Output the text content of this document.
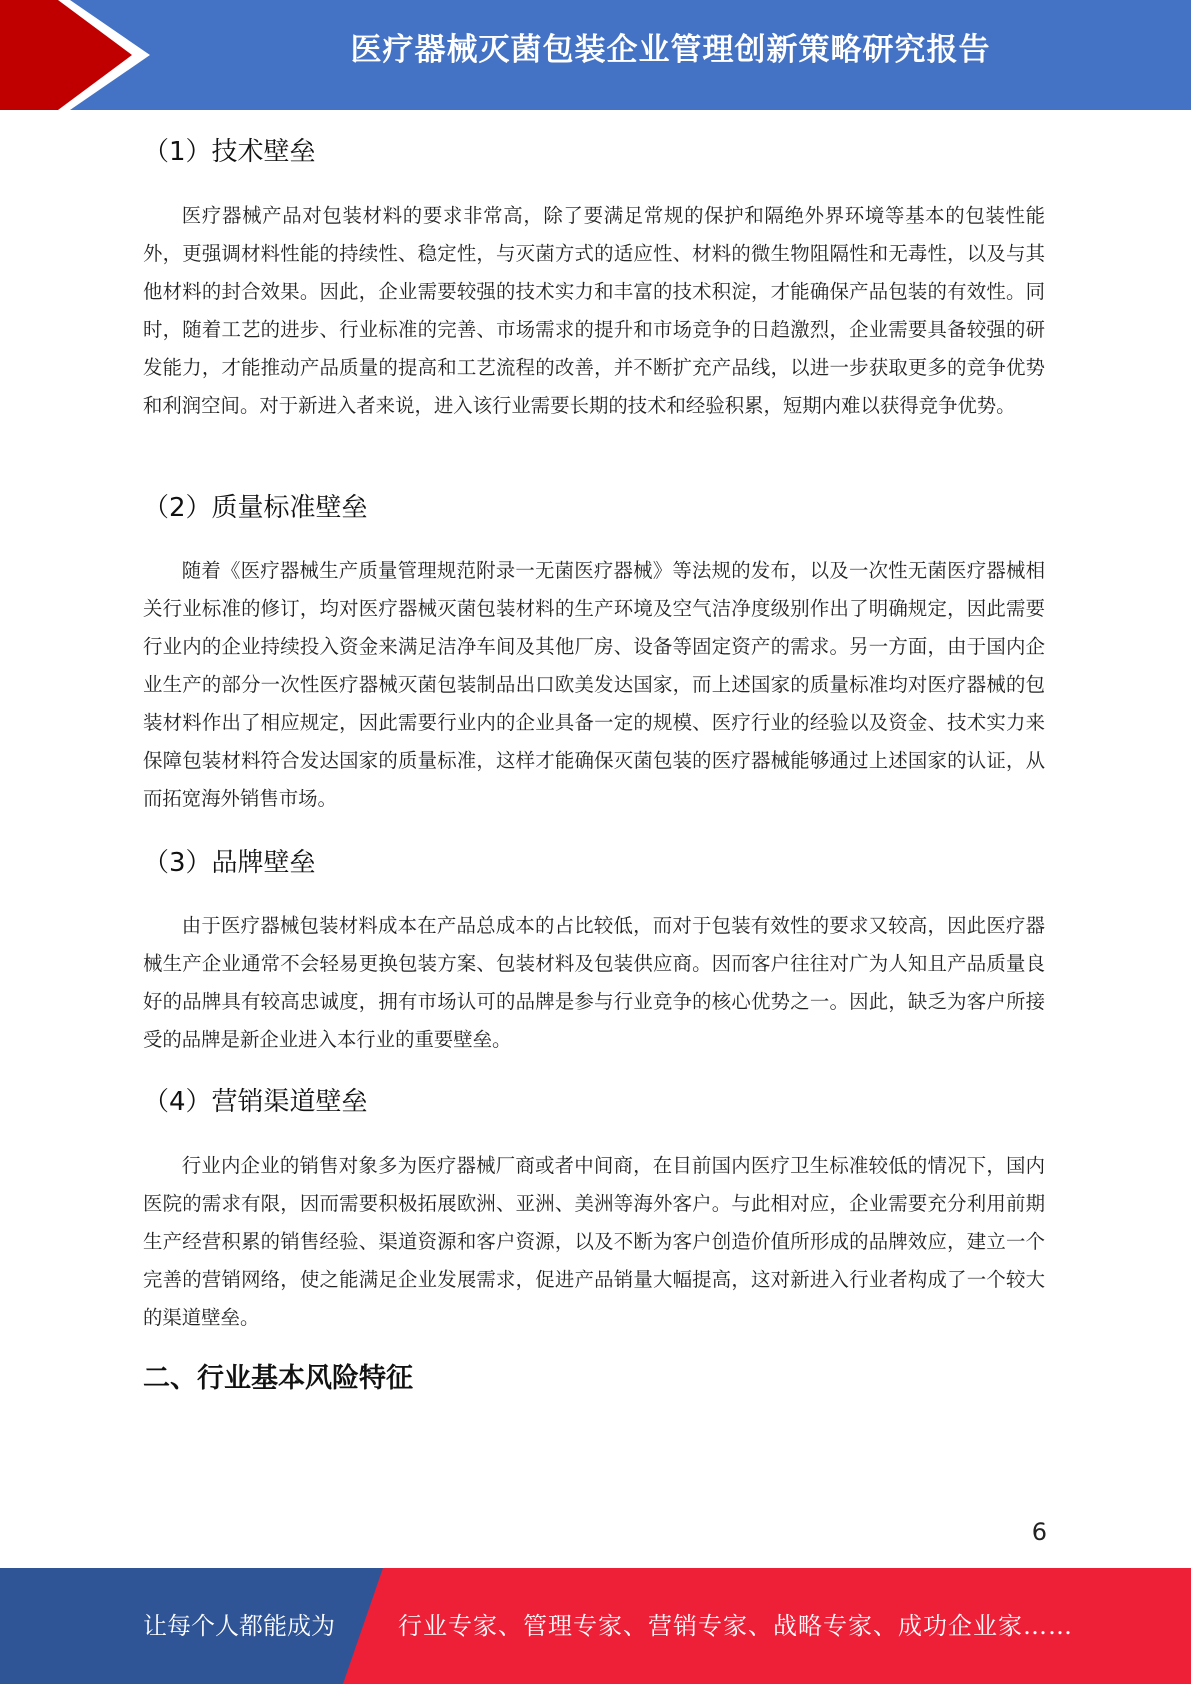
医疗器械灭菌包装企业管理创新策略研究报告
（1）技术壁垒
医疗器械产品对包装材料的要求非常高，除了要满足常规的保护和隔绝外界环境等基本的包装性能外，更强调材料性能的持续性、稳定性，与灭菌方式的适应性、材料的微生物阻隔性和无毒性，以及与其他材料的封合效果。因此，企业需要较强的技术实力和丰富的技术积淀，才能确保产品包装的有效性。同时，随着工艺的进步、行业标准的完善、市场需求的提升和市场竞争的日趋激烈，企业需要具备较强的研发能力，才能推动产品质量的提高和工艺流程的改善，并不断扩充产品线，以进一步获取更多的竞争优势和利润空间。对于新进入者来说，进入该行业需要长期的技术和经验积累，短期内难以获得竞争优势。
（2）质量标准壁垒
随着《医疗器械生产质量管理规范附录一无菌医疗器械》等法规的发布，以及一次性无菌医疗器械相关行业标准的修订，均对医疗器械灭菌包装材料的生产环境及空气洁净度级别作出了明确规定，因此需要行业内的企业持续投入资金来满足洁净车间及其他厂房、设备等固定资产的需求。另一方面，由于国内企业生产的部分一次性医疗器械灭菌包装制品出口欧美发达国家，而上述国家的质量标准均对医疗器械的包装材料作出了相应规定，因此需要行业内的企业具备一定的规模、医疗行业的经验以及资金、技术实力来保障包装材料符合发达国家的质量标准，这样才能确保灭菌包装的医疗器械能够通过上述国家的认证，从而拓宽海外销售市场。
（3）品牌壁垒
由于医疗器械包装材料成本在产品总成本的占比较低，而对于包装有效性的要求又较高，因此医疗器械生产企业通常不会轻易更换包装方案、包装材料及包装供应商。因而客户往往对广为人知且产品质量良好的品牌具有较高忠诚度，拥有市场认可的品牌是参与行业竞争的核心优势之一。因此，缺乏为客户所接受的品牌是新企业进入本行业的重要壁垒。
（4）营销渠道壁垒
行业内企业的销售对象多为医疗器械厂商或者中间商，在目前国内医疗卫生标准较低的情况下，国内医院的需求有限，因而需要积极拓展欧洲、亚洲、美洲等海外客户。与此相对应，企业需要充分利用前期生产经营积累的销售经验、渠道资源和客户资源，以及不断为客户创造价值所形成的品牌效应，建立一个完善的营销网络，使之能满足企业发展需求，促进产品销量大幅提高，这对新进入行业者构成了一个较大的渠道壁垒。
二、行业基本风险特征
6
让每个人都能成为	行业专家、管理专家、营销专家、战略专家、成功企业家……
